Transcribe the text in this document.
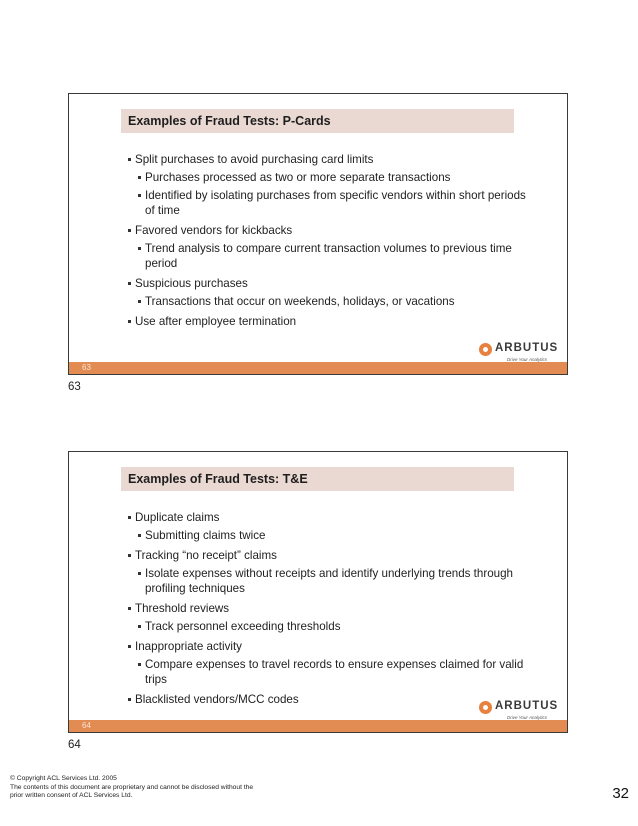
Examples of Fraud Tests: P-Cards
Split purchases to avoid purchasing card limits
Purchases processed as two or more separate transactions
Identified by isolating purchases from specific vendors within short periods of time
Favored vendors for kickbacks
Trend analysis to compare current transaction volumes to previous time period
Suspicious purchases
Transactions that occur on weekends, holidays, or vacations
Use after employee termination
ARBUTUS
Drive Your Analytics
63
63
Examples of Fraud Tests: T&E
Duplicate claims
Submitting claims twice
Tracking “no receipt” claims
Isolate expenses without receipts and identify underlying trends through profiling techniques
Threshold reviews
Track personnel exceeding thresholds
Inappropriate activity
Compare expenses to travel records to ensure expenses claimed for valid trips
Blacklisted vendors/MCC codes	ARBUTUS
Drive Your Analytics
64
64
© Copyright ACL Services Ltd. 2005
The contents of this document are proprietary and cannot be disclosed without the
prior written consent of ACL Services Ltd.	32
